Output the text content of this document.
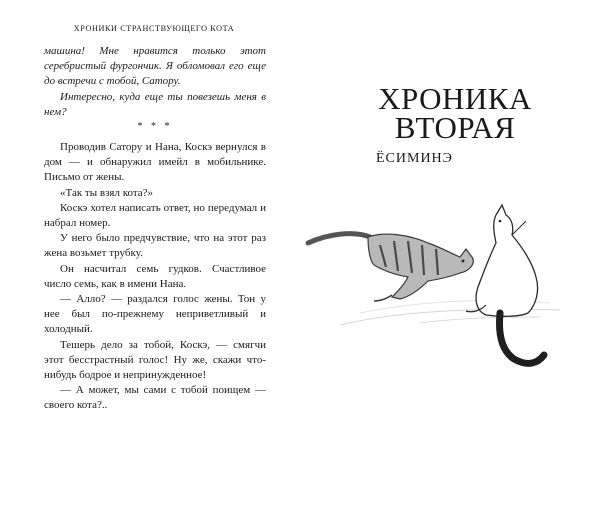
ХРОНИКИ СТРАНСТВУЮЩЕГО КОТА

машина! Мне нравится только этот серебристый фургончик. Я обломовал его еще до встречи с тобой, Сатору.

Интересно, куда еще ты повезешь меня в нем?

* * *

Проводив Сатору и Нана, Коскэ вернулся в дом — и обнаружил имейл в мобильнике. Письмо от жены.

«Так ты взял кота?»

Коскэ хотел написать ответ, но передумал и набрал номер.

У него было предчувствие, что на этот раз жена возьмет трубку.

Он насчитал семь гудков. Счастливое число семь, как в имени Нана.

— Алло? — раздался голос жены. Тон у нее был по-прежнему неприветливый и холодный.

Тешерь дело за тобой, Коскэ, — смягчи этот бесстрастный голос! Ну же, скажи что-нибудь бодрое и непринужденное!

— А может, мы сами с тобой поищем — своего кота?..

ХРОНИКА
ВТОРАЯ
ЁСИМИНЭ
